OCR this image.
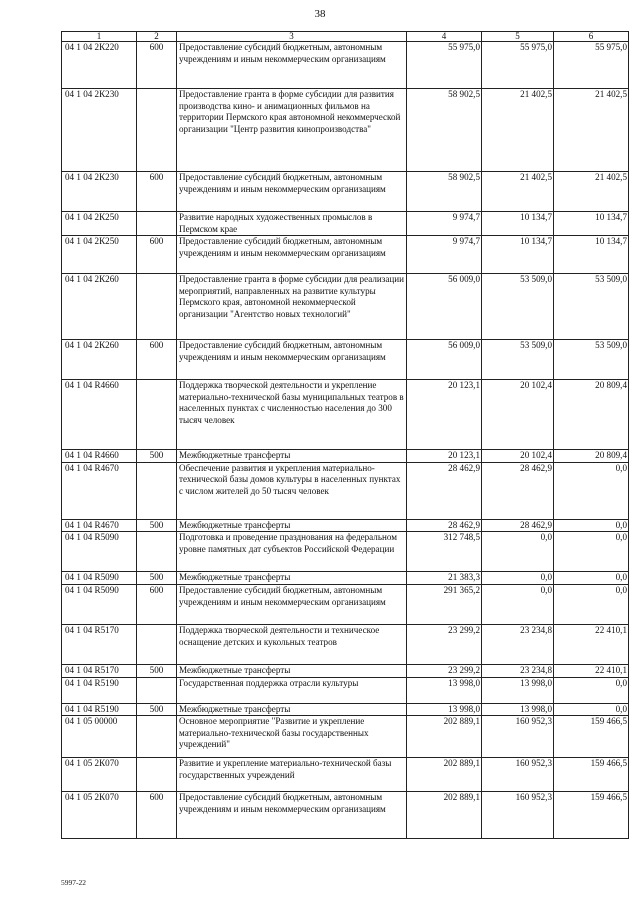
38
1	2	3	4	5	6
04 1 04 2К220	600	Предоставление субсидий бюджетным, автономным учреждениям и иным некоммерческим организациям	55 975,0	55 975,0	55 975,0
04 1 04 2К230		Предоставление гранта в форме субсидии для развития производства кино- и анимационных фильмов на территории Пермского края автономной некоммерческой организации "Центр развития кинопроизводства"	58 902,5	21 402,5	21 402,5
04 1 04 2К230	600	Предоставление субсидий бюджетным, автономным учреждениям и иным некоммерческим организациям	58 902,5	21 402,5	21 402,5
04 1 04 2К250		Развитие народных художественных промыслов в Пермском крае	9 974,7	10 134,7	10 134,7
04 1 04 2К250	600	Предоставление субсидий бюджетным, автономным учреждениям и иным некоммерческим организациям	9 974,7	10 134,7	10 134,7
04 1 04 2К260		Предоставление гранта в форме субсидии для реализации мероприятий, направленных на развитие культуры Пермского края, автономной некоммерческой организации "Агентство новых технологий"	56 009,0	53 509,0	53 509,0
04 1 04 2К260	600	Предоставление субсидий бюджетным, автономным учреждениям и иным некоммерческим организациям	56 009,0	53 509,0	53 509,0
04 1 04 R4660		Поддержка творческой деятельности и укрепление материально-технической базы муниципальных театров в населенных пунктах с численностью населения до 300 тысяч человек	20 123,1	20 102,4	20 809,4
04 1 04 R4660	500	Межбюджетные трансферты	20 123,1	20 102,4	20 809,4
04 1 04 R4670		Обеспечение развития и укрепления материально-технической базы домов культуры в населенных пунктах с числом жителей до 50 тысяч человек	28 462,9	28 462,9	0,0
04 1 04 R4670	500	Межбюджетные трансферты	28 462,9	28 462,9	0,0
04 1 04 R5090		Подготовка и проведение празднования на федеральном уровне памятных дат субъектов Российской Федерации	312 748,5	0,0	0,0
04 1 04 R5090	500	Межбюджетные трансферты	21 383,3	0,0	0,0
04 1 04 R5090	600	Предоставление субсидий бюджетным, автономным учреждениям и иным некоммерческим организациям	291 365,2	0,0	0,0
04 1 04 R5170		Поддержка творческой деятельности и техническое оснащение детских и кукольных театров	23 299,2	23 234,8	22 410,1
04 1 04 R5170	500	Межбюджетные трансферты	23 299,2	23 234,8	22 410,1
04 1 04 R5190		Государственная поддержка отрасли культуры	13 998,0	13 998,0	0,0
04 1 04 R5190	500	Межбюджетные трансферты	13 998,0	13 998,0	0,0
04 1 05 00000		Основное мероприятие "Развитие и укрепление материально-технической базы государственных учреждений"	202 889,1	160 952,3	159 466,5
04 1 05 2К070		Развитие и укрепление материально-технической базы государственных учреждений	202 889,1	160 952,3	159 466,5
04 1 05 2К070	600	Предоставление субсидий бюджетным, автономным учреждениям и иным некоммерческим организациям	202 889,1	160 952,3	159 466,5
5997-22
